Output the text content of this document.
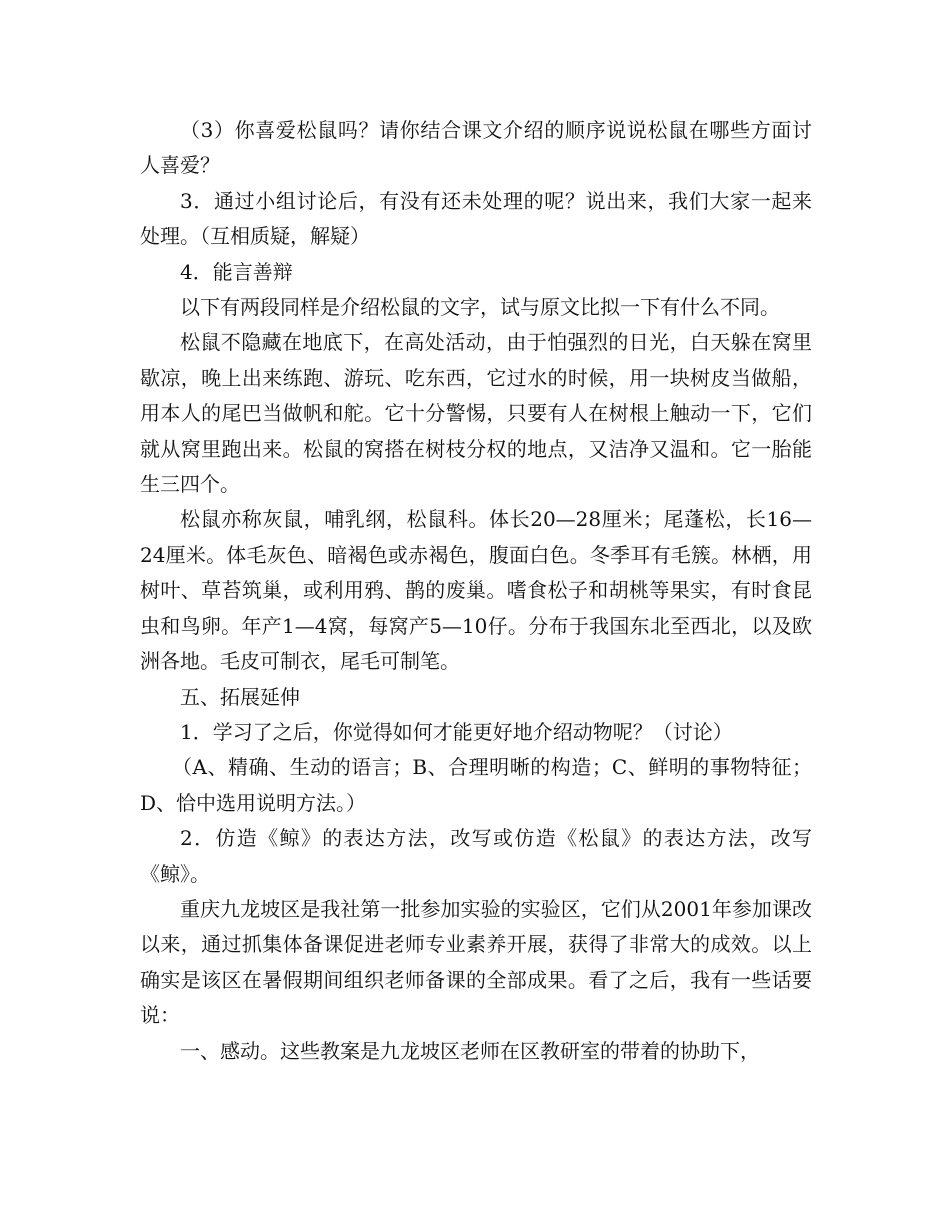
（3）你喜爱松鼠吗？请你结合课文介绍的顺序说说松鼠在哪些方面讨人喜爱？

3．通过小组讨论后，有没有还未处理的呢？说出来，我们大家一起来处理。（互相质疑，解疑）

4．能言善辩

以下有两段同样是介绍松鼠的文字，试与原文比拟一下有什么不同。

松鼠不隐藏在地底下，在高处活动，由于怕强烈的日光，白天躲在窝里歇凉，晚上出来练跑、游玩、吃东西，它过水的时候，用一块树皮当做船，用本人的尾巴当做帆和舵。它十分警惕，只要有人在树根上触动一下，它们就从窝里跑出来。松鼠的窝搭在树枝分权的地点，又洁净又温和。它一胎能生三四个。

松鼠亦称灰鼠，哺乳纲，松鼠科。体长20—28厘米；尾蓬松，长16—24厘米。体毛灰色、暗褐色或赤褐色，腹面白色。冬季耳有毛簇。林栖，用树叶、草苔筑巢，或利用鸦、鹊的废巢。嗜食松子和胡桃等果实，有时食昆虫和鸟卵。年产1—4窝，每窝产5—10仔。分布于我国东北至西北，以及欧洲各地。毛皮可制衣，尾毛可制笔。

五、拓展延伸

1．学习了之后，你觉得如何才能更好地介绍动物呢？（讨论）

（A、精确、生动的语言；B、合理明晰的构造；C、鲜明的事物特征；D、恰中选用说明方法。）

2．仿造《鲸》的表达方法，改写或仿造《松鼠》的表达方法，改写《鲸》。

重庆九龙坡区是我社第一批参加实验的实验区，它们从2001年参加课改以来，通过抓集体备课促进老师专业素养开展，获得了非常大的成效。以上确实是该区在暑假期间组织老师备课的全部成果。看了之后，我有一些话要说：

一、感动。这些教案是九龙坡区老师在区教研室的带着的协助下，
